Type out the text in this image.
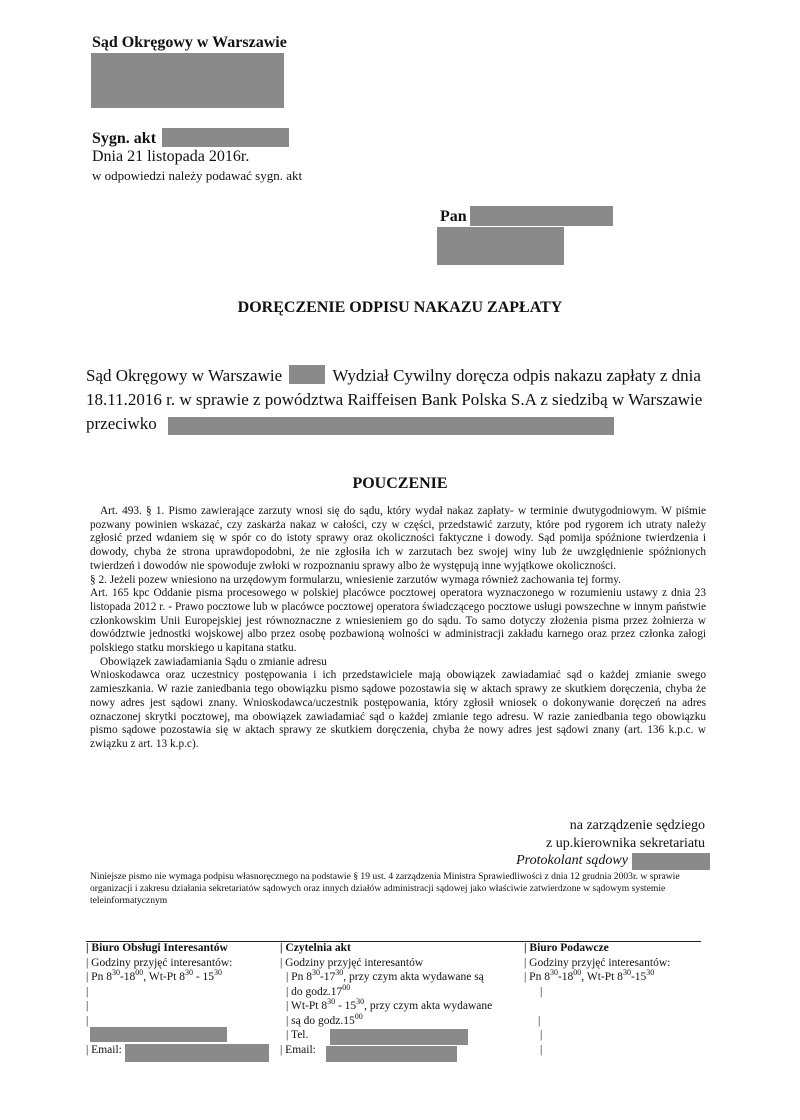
Sąd Okręgowy w Warszawie
Sygn. akt
Dnia 21 listopada 2016r.
w odpowiedzi należy podawać sygn. akt
Pan
DORĘCZENIE ODPISU NAKAZU ZAPŁATY
Sąd Okręgowy w Warszawie	Wydział Cywilny doręcza odpis nakazu zapłaty z dnia
18.11.2016 r. w sprawie z powództwa Raiffeisen Bank Polska S.A z siedzibą w Warszawie
przeciwko
POUCZENIE

Art. 493. § 1. Pismo zawierające zarzuty wnosi się do sądu, który wydał nakaz zapłaty- w terminie dwutygodniowym. W piśmie pozwany powinien wskazać, czy zaskarża nakaz w całości, czy w części, przedstawić zarzuty, które pod rygorem ich utraty należy zgłosić przed wdaniem się w spór co do istoty sprawy oraz okoliczności faktyczne i dowody. Sąd pomija spóźnione twierdzenia i dowody, chyba że strona uprawdopodobni, że nie zgłosiła ich w zarzutach bez swojej winy lub że uwzględnienie spóźnionych twierdzeń i dowodów nie spowoduje zwłoki w rozpoznaniu sprawy albo że występują inne wyjątkowe okoliczności.

§ 2. Jeżeli pozew wniesiono na urzędowym formularzu, wniesienie zarzutów wymaga również zachowania tej formy.

Art. 165 kpc Oddanie pisma procesowego w polskiej placówce pocztowej operatora wyznaczonego w rozumieniu ustawy z dnia 23 listopada 2012 r. - Prawo pocztowe lub w placówce pocztowej operatora świadczącego pocztowe usługi powszechne w innym państwie członkowskim Unii Europejskiej jest równoznaczne z wniesieniem go do sądu. To samo dotyczy złożenia pisma przez żołnierza w dowództwie jednostki wojskowej albo przez osobę pozbawioną wolności w administracji zakładu karnego oraz przez członka załogi polskiego statku morskiego u kapitana statku.

Obowiązek zawiadamiania Sądu o zmianie adresu

Wnioskodawca oraz uczestnicy postępowania i ich przedstawiciele mają obowiązek zawiadamiać sąd o każdej zmianie swego zamieszkania. W razie zaniedbania tego obowiązku pismo sądowe pozostawia się w aktach sprawy ze skutkiem doręczenia, chyba że nowy adres jest sądowi znany. Wnioskodawca/uczestnik postępowania, który zgłosił wniosek o dokonywanie doręczeń na adres oznaczonej skrytki pocztowej, ma obowiązek zawiadamiać sąd o każdej zmianie tego adresu. W razie zaniedbania tego obowiązku pismo sądowe pozostawia się w aktach sprawy ze skutkiem doręczenia, chyba że nowy adres jest sądowi znany (art. 136 k.p.c. w związku z art. 13 k.p.c).

na zarządzenie sędziego
z up.kierownika sekretariatu
Protokolant sądowy
Niniejsze pismo nie wymaga podpisu własnoręcznego na podstawie § 19 ust. 4 zarządzenia Ministra Sprawiedliwości z dnia 12 grudnia 2003r. w sprawie organizacji i zakresu działania sekretariatów sądowych oraz innych działów administracji sądowej jako właściwie zatwierdzone w sądowym systemie teleinformatycznym
| Biuro Obsługi Interesantów
| Godziny przyjęć interesantów:
| Pn $8^{30}-18^{00}$, Wt-Pt $8^{30} - 15^{30}$
|
|
|
| Email:
| Czytelnia akt
| Godziny przyjęć interesantów
| Pn $8^{30}-17^{30}$, przy czym akta wydawane są
| do $godz.17^{00}$
| Wt-Pt $8^{30} - 15^{30}$, przy czym akta wydawane
| są do $godz.15^{00}$
| Tel.
| Email:
| Biuro Podawcze
| Godziny przyjęć interesantów:
| Pn $8^{30}-18^{00}$, Wt-Pt $8^{30}-15^{30}$
|
|
|
|
